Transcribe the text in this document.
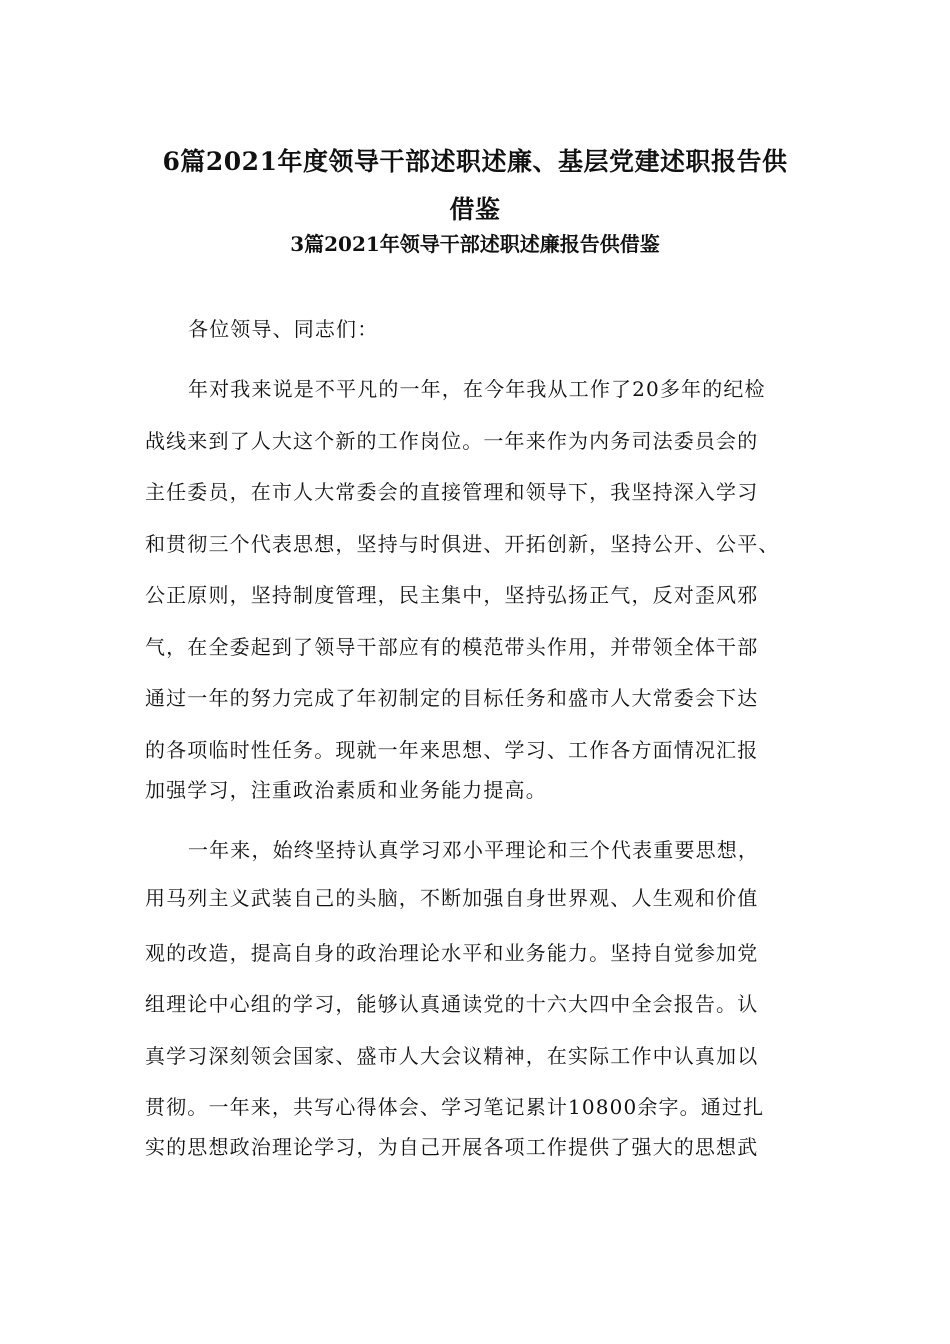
6篇2021年度领导干部述职述廉、基层党建述职报告供
借鉴
3篇2021年领导干部述职述廉报告供借鉴

各位领导、同志们：

年对我来说是不平凡的一年，在今年我从工作了20多年的纪检

战线来到了人大这个新的工作岗位。一年来作为内务司法委员会的

主任委员，在市人大常委会的直接管理和领导下，我坚持深入学习

和贯彻三个代表思想，坚持与时俱进、开拓创新，坚持公开、公平、

公正原则，坚持制度管理，民主集中，坚持弘扬正气，反对歪风邪

气，在全委起到了领导干部应有的模范带头作用，并带领全体干部

通过一年的努力完成了年初制定的目标任务和盛市人大常委会下达

的各项临时性任务。现就一年来思想、学习、工作各方面情况汇报

加强学习，注重政治素质和业务能力提高。

一年来，始终坚持认真学习邓小平理论和三个代表重要思想，

用马列主义武装自己的头脑，不断加强自身世界观、人生观和价值

观的改造，提高自身的政治理论水平和业务能力。坚持自觉参加党

组理论中心组的学习，能够认真通读党的十六大四中全会报告。认

真学习深刻领会国家、盛市人大会议精神，在实际工作中认真加以

贯彻。一年来，共写心得体会、学习笔记累计10800余字。通过扎

实的思想政治理论学习，为自己开展各项工作提供了强大的思想武
